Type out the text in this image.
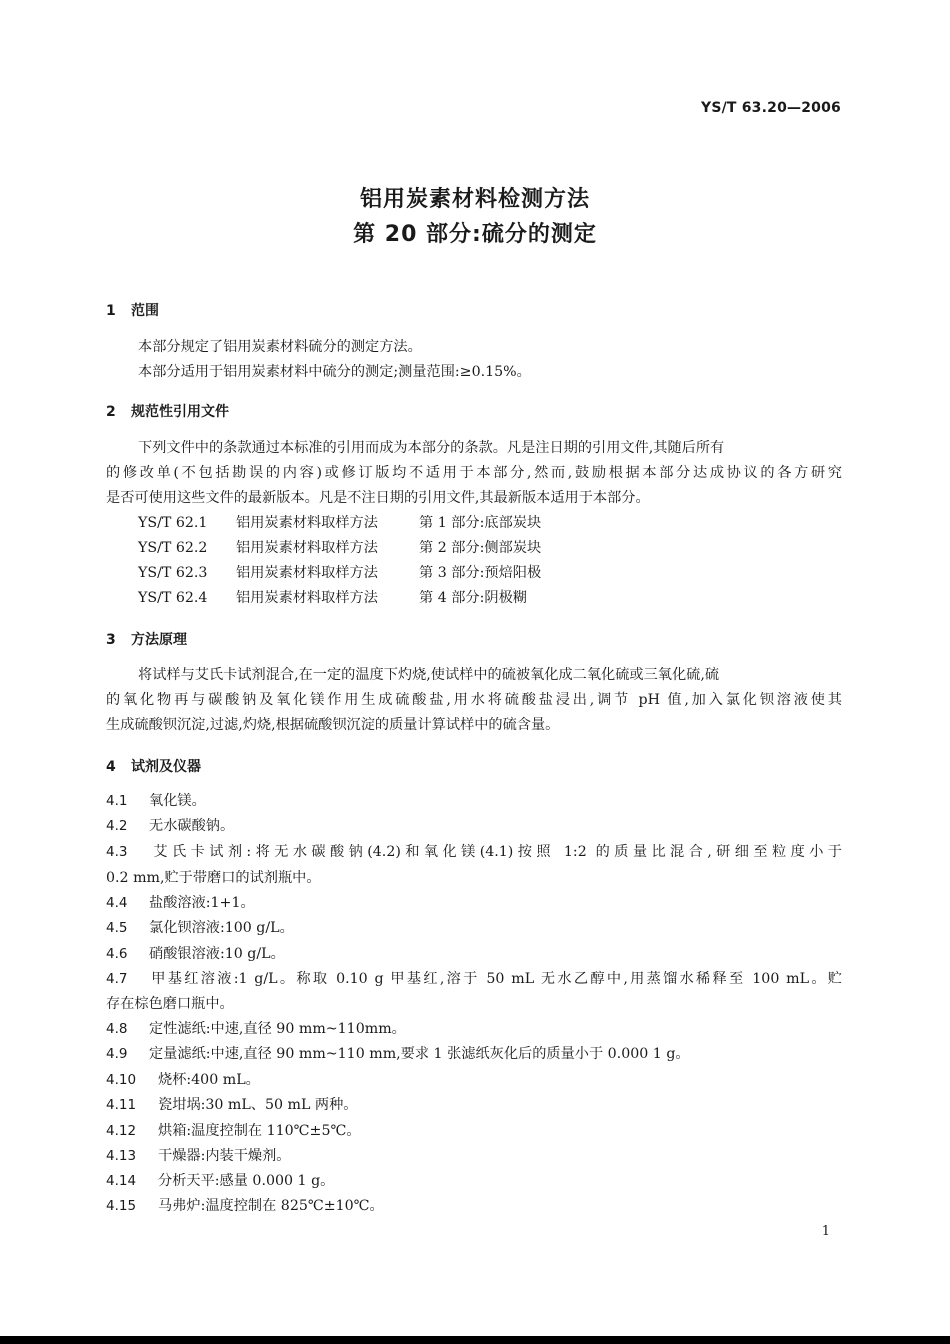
YS/T 63.20—2006
铝用炭素材料检测方法
第 20 部分:硫分的测定
1 范围
本部分规定了铝用炭素材料硫分的测定方法。
本部分适用于铝用炭素材料中硫分的测定;测量范围:≥0.15%。
2 规范性引用文件
下列文件中的条款通过本标准的引用而成为本部分的条款。凡是注日期的引用文件,其随后所有
的修改单(不包括勘误的内容)或修订版均不适用于本部分,然而,鼓励根据本部分达成协议的各方研究
是否可使用这些文件的最新版本。凡是不注日期的引用文件,其最新版本适用于本部分。
YS/T 62.1 铝用炭素材料取样方法	第 1 部分:底部炭块
YS/T 62.2 铝用炭素材料取样方法	第 2 部分:侧部炭块
YS/T 62.3 铝用炭素材料取样方法	第 3 部分:预焙阳极
YS/T 62.4 铝用炭素材料取样方法	第 4 部分:阴极糊
3 方法原理
将试样与艾氏卡试剂混合,在一定的温度下灼烧,使试样中的硫被氧化成二氧化硫或三氧化硫,硫
的氧化物再与碳酸钠及氧化镁作用生成硫酸盐,用水将硫酸盐浸出,调节 pH 值,加入氯化钡溶液使其
生成硫酸钡沉淀,过滤,灼烧,根据硫酸钡沉淀的质量计算试样中的硫含量。
4 试剂及仪器
4.1 氧化镁。
4.2 无水碳酸钠。
4.3 艾氏卡试剂:将无水碳酸钠(4.2)和氧化镁(4.1)按照 1:2 的质量比混合,研细至粒度小于
0.2 mm,贮于带磨口的试剂瓶中。
4.4 盐酸溶液:1+1。
4.5 氯化钡溶液:100 g/L。
4.6 硝酸银溶液:10 g/L。
4.7 甲基红溶液:1 g/L。称取 0.10 g 甲基红,溶于 50 mL 无水乙醇中,用蒸馏水稀释至 100 mL。贮
存在棕色磨口瓶中。
4.8 定性滤纸:中速,直径 90 mm~110mm。
4.9 定量滤纸:中速,直径 90 mm~110 mm,要求 1 张滤纸灰化后的质量小于 0.000 1 g。
4.10 烧杯:400 mL。
4.11 瓷坩埚:30 mL、50 mL 两种。
4.12 烘箱:温度控制在 110℃±5℃。
4.13 干燥器:内装干燥剂。
4.14 分析天平:感量 0.000 1 g。
4.15 马弗炉:温度控制在 825℃±10℃。
1
